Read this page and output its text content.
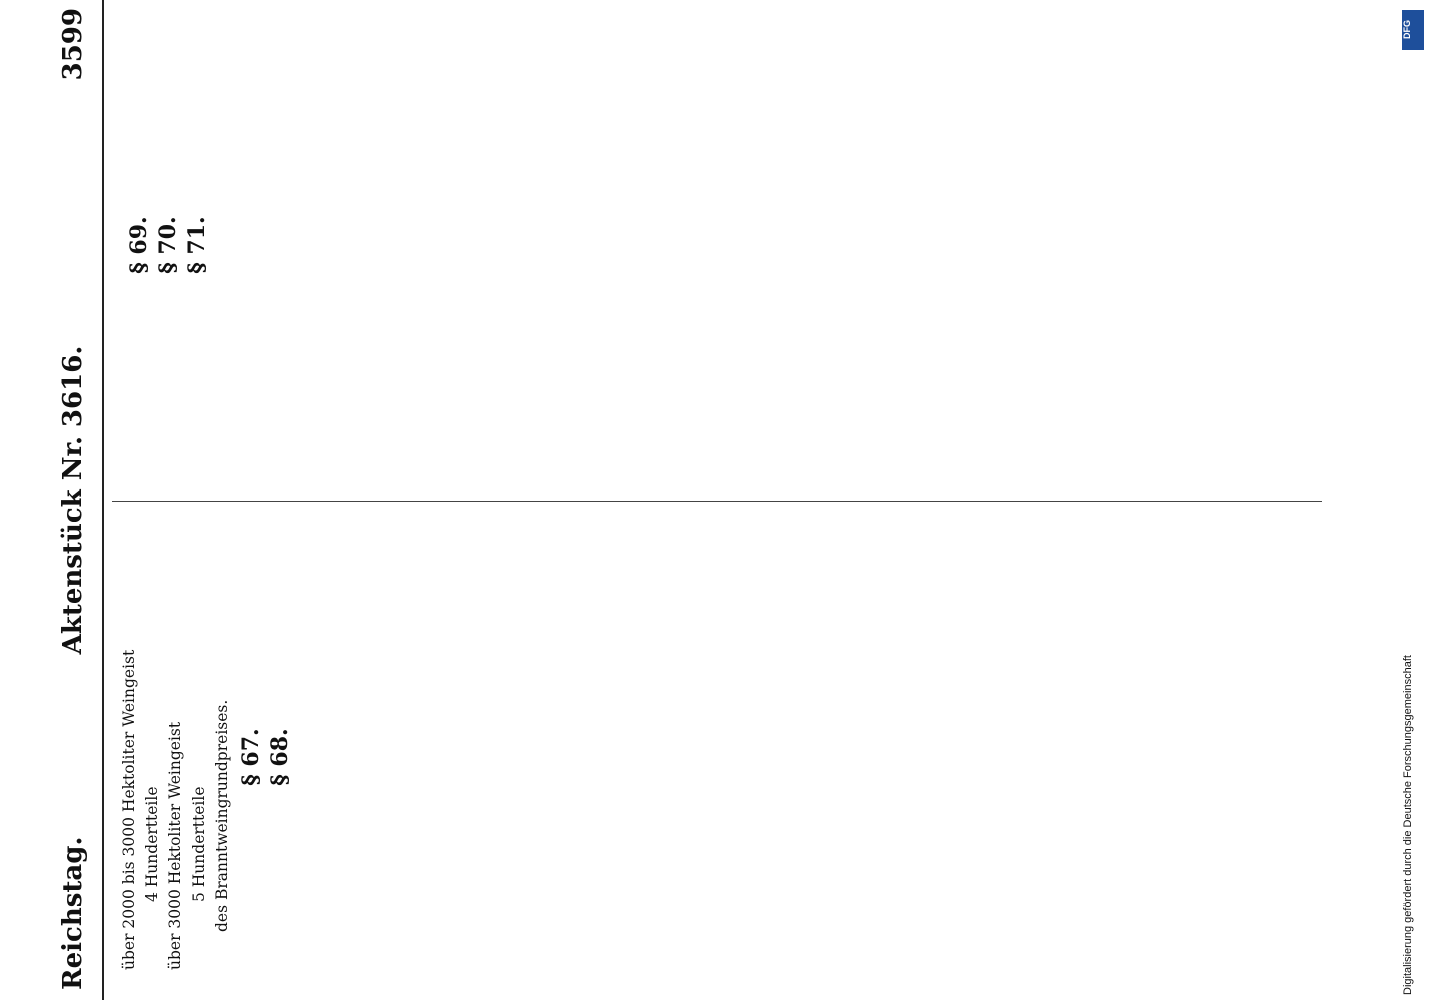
Reichstag.
Aktenstück Nr. 3616.
3599

über 2000 bis 3000 Hektoliter Weingeist 4 Hundertteile über 3000 Hektoliter Weingeist 5 Hundertteile des Branntweingrundpreises. § 67. § 68.
§ 69. § 70. § 71.
DFG
Digitalisierung gefördert durch die Deutsche Forschungsgemeinschaft
